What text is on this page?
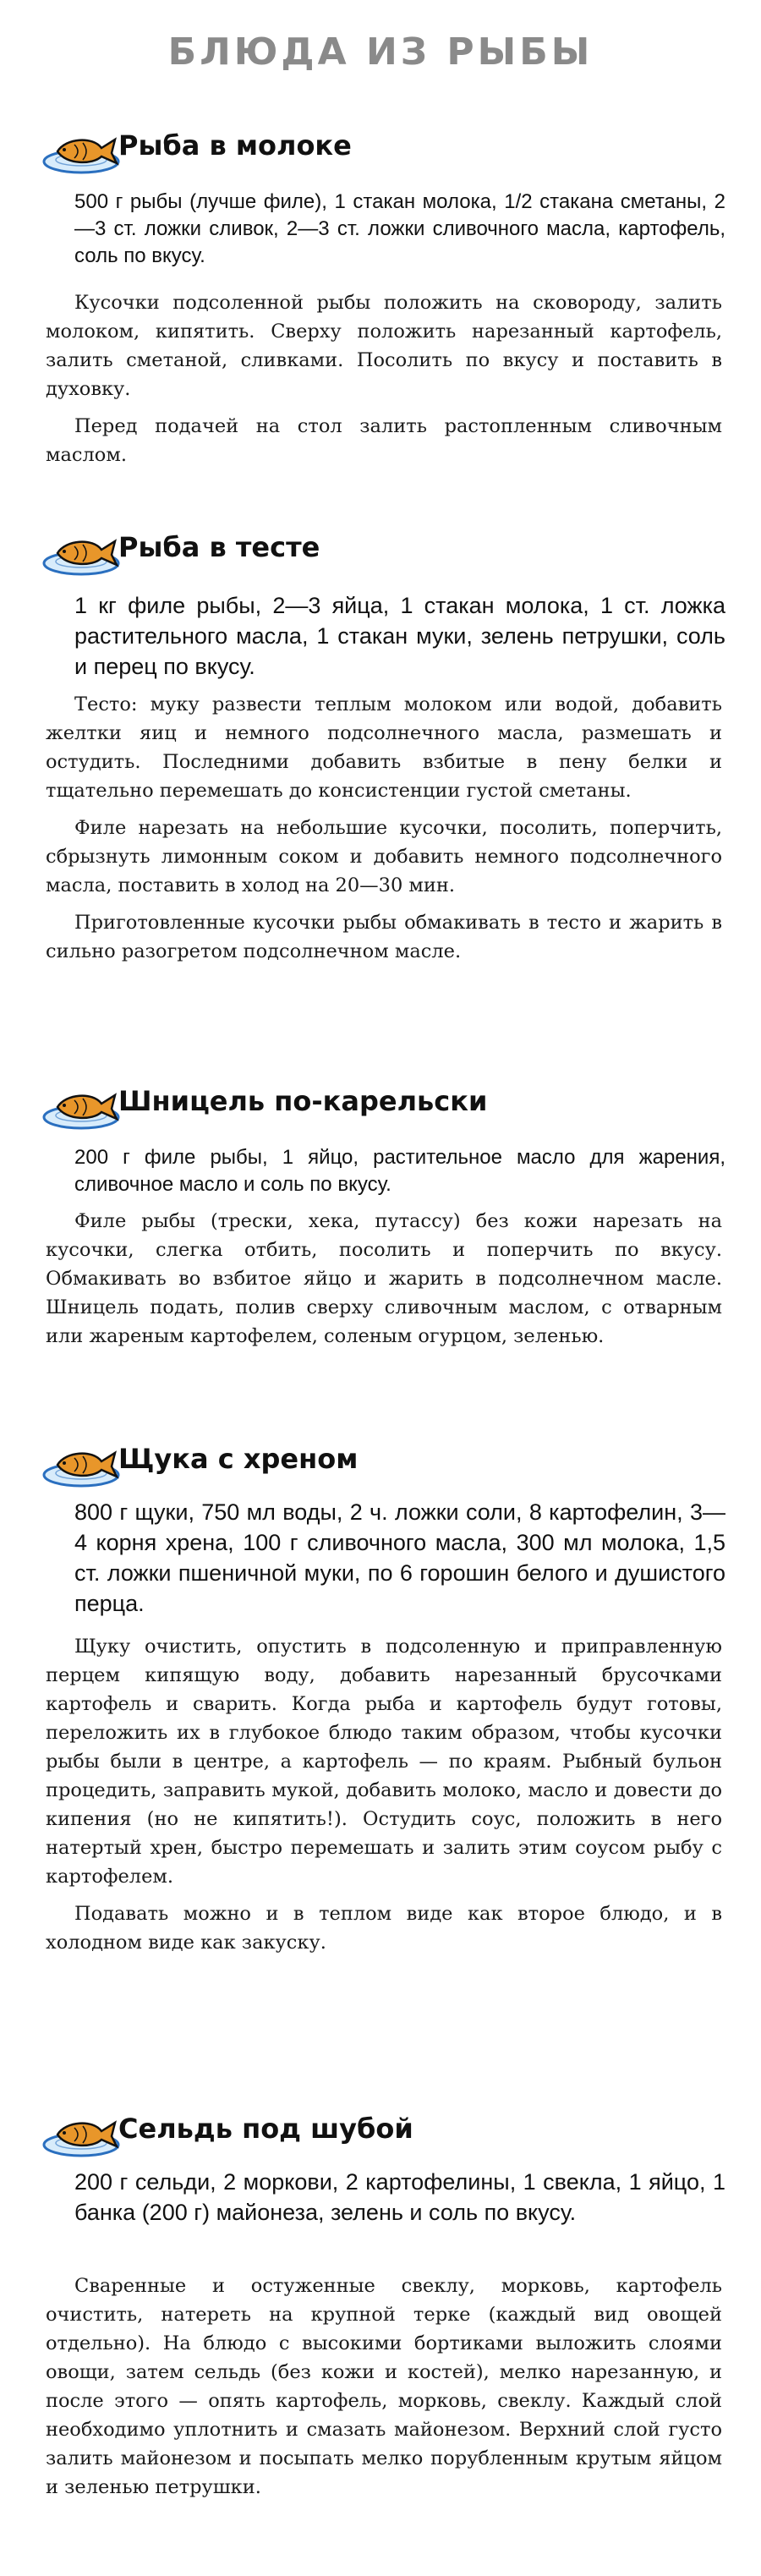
БЛЮДА ИЗ РЫБЫ
Рыба в молоке
500 г рыбы (лучше филе), 1 стакан молока, 1/2 стакана сметаны, 2—3 ст. ложки сливок, 2—3 ст. ложки сливочного масла, картофель, соль по вкусу.

Кусочки подсоленной рыбы положить на сковороду, залить молоком, кипятить. Сверху положить нарезанный картофель, залить сметаной, сливками. Посолить по вкусу и поставить в духовку.

Перед подачей на стол залить растопленным сливочным маслом.

Рыба в тесте
1 кг филе рыбы, 2—3 яйца, 1 стакан молока, 1 ст. ложка растительного масла, 1 стакан муки, зелень петрушки, соль и перец по вкусу.

Тесто: муку развести теплым молоком или водой, добавить желтки яиц и немного подсолнечного масла, размешать и остудить. Последними добавить взбитые в пену белки и тщательно перемешать до консистенции густой сметаны.

Филе нарезать на небольшие кусочки, посолить, поперчить, сбрызнуть лимонным соком и добавить немного подсолнечного масла, поставить в холод на 20—30 мин.

Приготовленные кусочки рыбы обмакивать в тесто и жарить в сильно разогретом подсолнечном масле.

Шницель по-карельски
200 г филе рыбы, 1 яйцо, растительное масло для жарения, сливочное масло и соль по вкусу.

Филе рыбы (трески, хека, путассу) без кожи нарезать на кусочки, слегка отбить, посолить и поперчить по вкусу. Обмакивать во взбитое яйцо и жарить в подсолнечном масле. Шницель подать, полив сверху сливочным маслом, с отварным или жареным картофелем, соленым огурцом, зеленью.

Щука с хреном
800 г щуки, 750 мл воды, 2 ч. ложки соли, 8 картофелин, 3—4 корня хрена, 100 г сливочного масла, 300 мл молока, 1,5 ст. ложки пшеничной муки, по 6 горошин белого и душистого перца.

Щуку очистить, опустить в подсоленную и приправленную перцем кипящую воду, добавить нарезанный брусочками картофель и сварить. Когда рыба и картофель будут готовы, переложить их в глубокое блюдо таким образом, чтобы кусочки рыбы были в центре, а картофель — по краям. Рыбный бульон процедить, заправить мукой, добавить молоко, масло и довести до кипения (но не кипятить!). Остудить соус, положить в него натертый хрен, быстро перемешать и залить этим соусом рыбу с картофелем.

Подавать можно и в теплом виде как второе блюдо, и в холодном виде как закуску.

Сельдь под шубой
200 г сельди, 2 моркови, 2 картофелины, 1 свекла, 1 яйцо, 1 банка (200 г) майонеза, зелень и соль по вкусу.

Сваренные и остуженные свеклу, морковь, картофель очистить, натереть на крупной терке (каждый вид овощей отдельно). На блюдо с высокими бортиками выложить слоями овощи, затем сельдь (без кожи и костей), мелко нарезанную, и после этого — опять картофель, морковь, свеклу. Каждый слой необходимо уплотнить и смазать майонезом. Верхний слой густо залить майонезом и посыпать мелко порубленным крутым яйцом и зеленью петрушки.
